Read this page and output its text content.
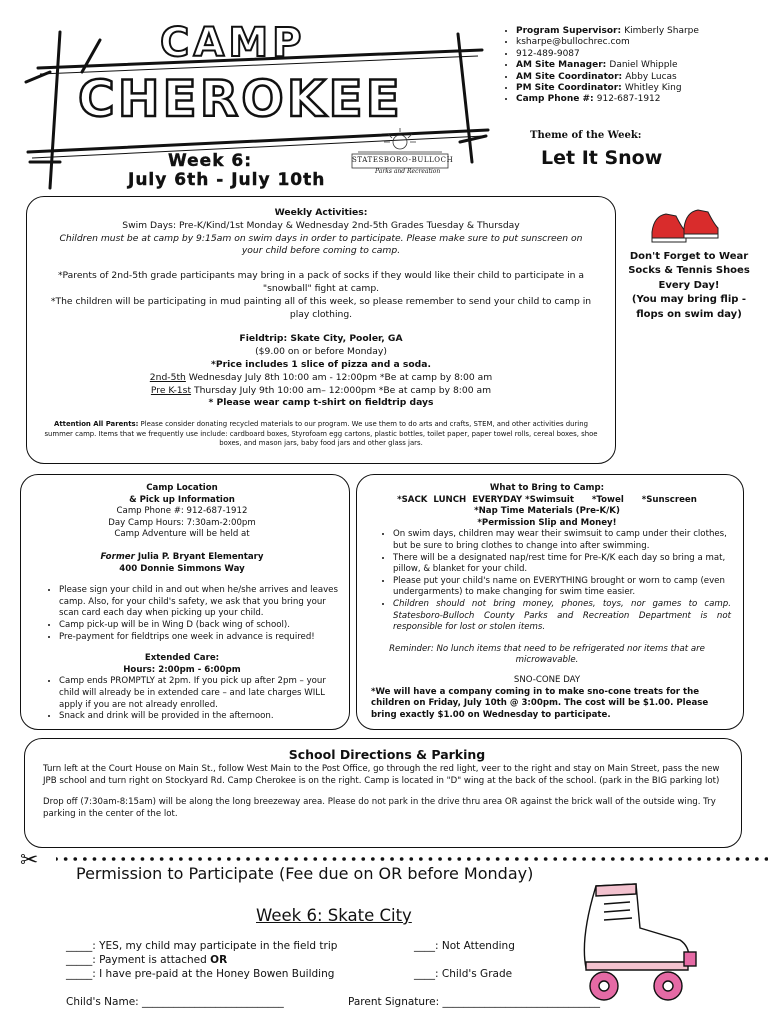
CAMP
CHEROKEE
Week 6:
July 6th - July 10th
STATESBORO-BULLOCH
Parks and Recreation
• Program Supervisor: Kimberly Sharpe
• ksharpe@bullochrec.com
• 912-489-9087
• AM Site Manager: Daniel Whipple
• AM Site Coordinator: Abby Lucas
• PM Site Coordinator: Whitley King
• Camp Phone #: 912-687-1912
Theme of the Week:
Let It Snow
Weekly Activities:
Swim Days: Pre-K/Kind/1st Monday & Wednesday 2nd-5th Grades Tuesday & Thursday
Children must be at camp by 9:15am on swim days in order to participate. Please make sure to put sunscreen on your child before coming to camp.
*Parents of 2nd-5th grade participants may bring in a pack of socks if they would like their child to participate in a "snowball" fight at camp.
*The children will be participating in mud painting all of this week, so please remember to send your child to camp in play clothing.
Fieldtrip: Skate City, Pooler, GA
($9.00 on or before Monday)
*Price includes 1 slice of pizza and a soda.
2nd-5th Wednesday July 8th 10:00 am - 12:00pm *Be at camp by 8:00 am
Pre K-1st Thursday July 9th 10:00 am– 12:000pm *Be at camp by 8:00 am
* Please wear camp t-shirt on fieldtrip days
Attention All Parents: Please consider donating recycled materials to our program. We use them to do arts and crafts, STEM, and other activities during summer camp. Items that we frequently use include: cardboard boxes, Styrofoam egg cartons, plastic bottles, toilet paper, paper towel rolls, cereal boxes, shoe boxes, and mason jars, baby food jars and other glass jars.
Don't Forget to Wear Socks & Tennis Shoes Every Day!
(You may bring flip -flops on swim day)
Camp Location
& Pick up Information
Camp Phone #: 912-687-1912
Day Camp Hours: 7:30am-2:00pm
Camp Adventure will be held at
Former Julia P. Bryant Elementary
400 Donnie Simmons Way
• Please sign your child in and out when he/she arrives and leaves camp. Also, for your child's safety, we ask that you bring your scan card each day when picking up your child.
• Camp pick-up will be in Wing D (back wing of school).
• Pre-payment for fieldtrips one week in advance is required!
Extended Care:
Hours: 2:00pm - 6:00pm
• Camp ends PROMPTLY at 2pm. If you pick up after 2pm – your child will already be in extended care – and late charges WILL apply if you are not already enrolled.
• Snack and drink will be provided in the afternoon.
What to Bring to Camp:
*SACK  LUNCH  EVERYDAY *Swimsuit      *Towel      *Sunscreen
*Nap Time Materials (Pre-K/K)
*Permission Slip and Money!
• On swim days, children may wear their swimsuit to camp under their clothes, but be sure to bring clothes to change into after swimming.
• There will be a designated nap/rest time for Pre-K/K each day so bring a mat, pillow, & blanket for your child.
• Please put your child's name on EVERYTHING brought or worn to camp (even undergarments) to make changing for swim time easier.
• Children should not bring money, phones, toys, nor games to camp. Statesboro-Bulloch County Parks and Recreation Department is not responsible for lost or stolen items.
Reminder: No lunch items that need to be refrigerated nor items that are microwavable.
SNO-CONE DAY
*We will have a company coming in to make sno-cone treats for the children on Friday, July 10th @ 3:00pm. The cost will be $1.00. Please bring exactly $1.00 on Wednesday to participate.
School Directions & Parking
Turn left at the Court House on Main St., follow West Main to the Post Office, go through the red light, veer to the right and stay on Main Street, pass the new JPB school and turn right on Stockyard Rd. Camp Cherokee is on the right. Camp is located in "D" wing at the back of the school. (park in the BIG parking lot)
Drop off (7:30am-8:15am) will be along the long breezeway area. Please do not park in the drive thru area OR against the brick wall of the outside wing. Try parking in the center of the lot.
✂
Permission to Participate (Fee due on OR before Monday)
Week 6: Skate City
_____: YES, my child may participate in the field trip	____: Not Attending
_____: Payment is attached OR
_____: I have pre-paid at the Honey Bowen Building	____: Child's Grade
Child's Name: ___________________________	Parent Signature: ______________________________
